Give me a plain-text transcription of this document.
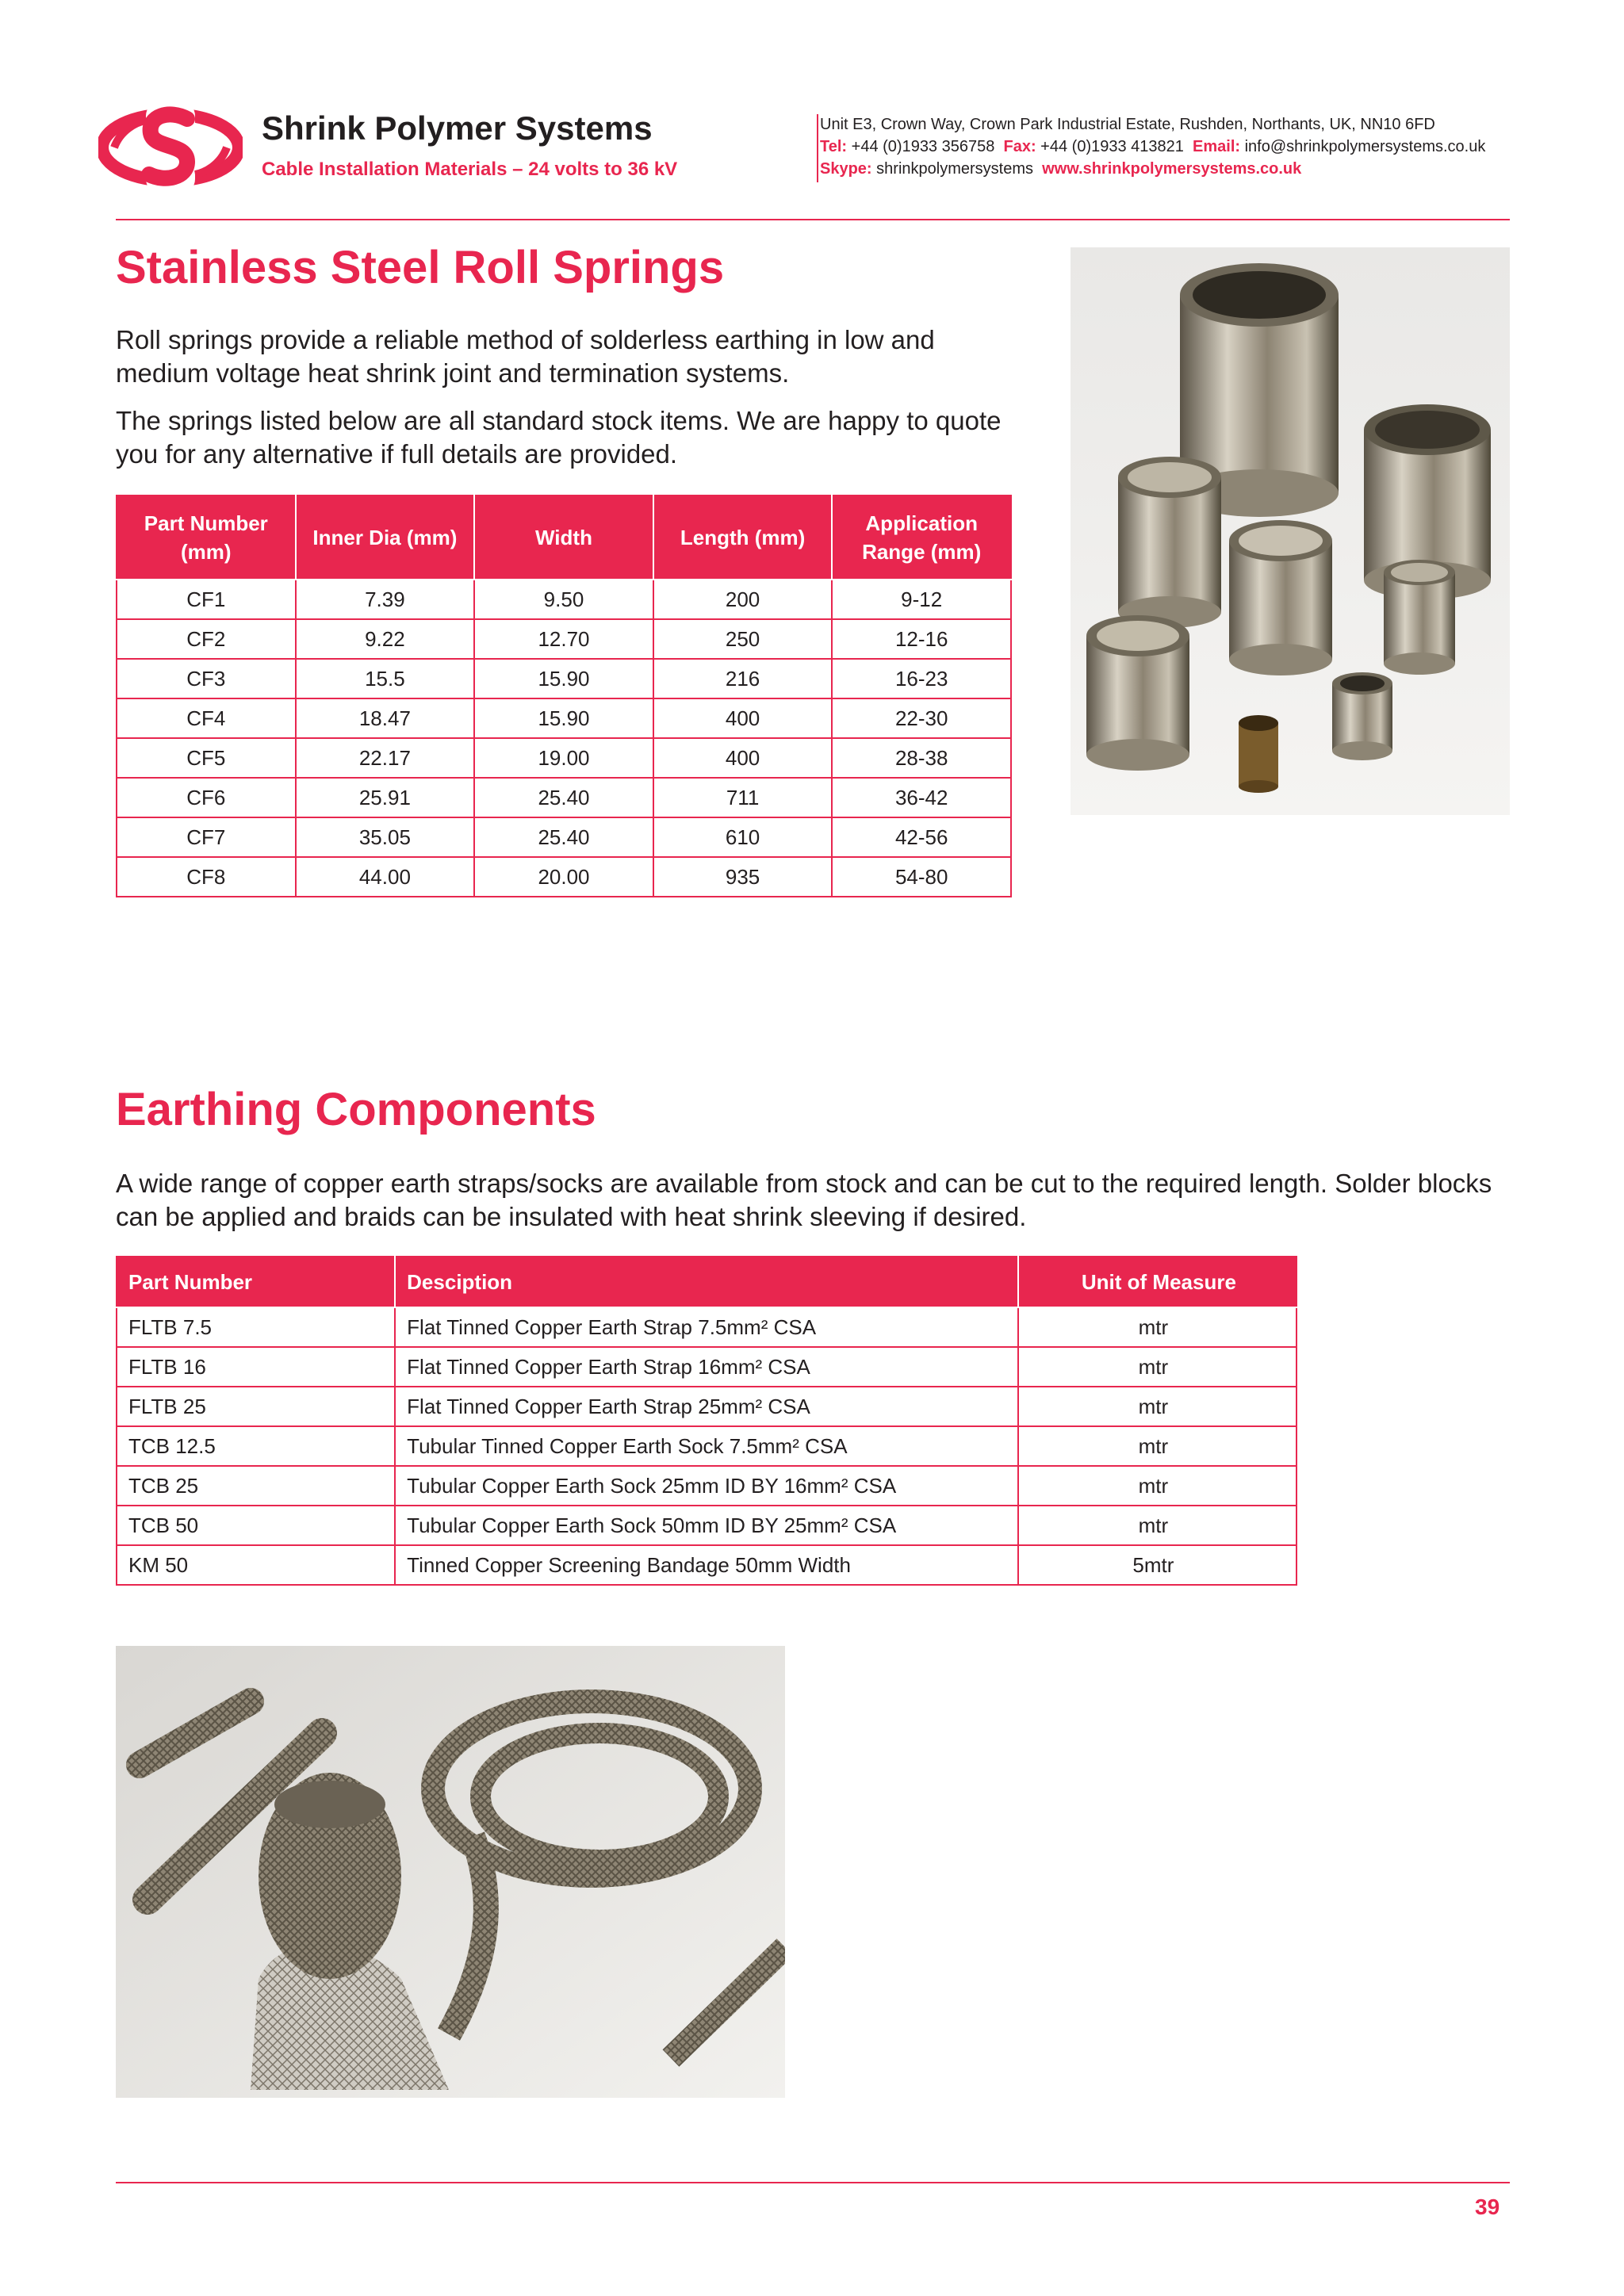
Shrink Polymer Systems
Cable Installation Materials – 24 volts to 36 kV
Unit E3, Crown Way, Crown Park Industrial Estate, Rushden, Northants, UK, NN10 6FD
Tel: +44 (0)1933 356758 Fax: +44 (0)1933 413821 Email: info@shrinkpolymersystems.co.uk
Skype: shrinkpolymersystems www.shrinkpolymersystems.co.uk
Stainless Steel Roll Springs

Roll springs provide a reliable method of solderless earthing in low and medium voltage heat shrink joint and termination systems.

The springs listed below are all standard stock items. We are happy to quote you for any alternative if full details are provided.

Part Number (mm)	Inner Dia (mm)	Width	Length (mm)	Application Range (mm)
CF1	7.39	9.50	200	9-12
CF2	9.22	12.70	250	12-16
CF3	15.5	15.90	216	16-23
CF4	18.47	15.90	400	22-30
CF5	22.17	19.00	400	28-38
CF6	25.91	25.40	711	36-42
CF7	35.05	25.40	610	42-56
CF8	44.00	20.00	935	54-80
Earthing Components

A wide range of copper earth straps/socks are available from stock and can be cut to the required length. Solder blocks can be applied and braids can be insulated with heat shrink sleeving if desired.

Part Number	Desciption	Unit of Measure
FLTB 7.5	Flat Tinned Copper Earth Strap 7.5mm² CSA	mtr
FLTB 16	Flat Tinned Copper Earth Strap 16mm² CSA	mtr
FLTB 25	Flat Tinned Copper Earth Strap 25mm² CSA	mtr
TCB 12.5	Tubular Tinned Copper Earth Sock 7.5mm² CSA	mtr
TCB 25	Tubular Copper Earth Sock 25mm ID BY 16mm² CSA	mtr
TCB 50	Tubular Copper Earth Sock 50mm ID BY 25mm² CSA	mtr
KM 50	Tinned Copper Screening Bandage 50mm Width	5mtr
39
